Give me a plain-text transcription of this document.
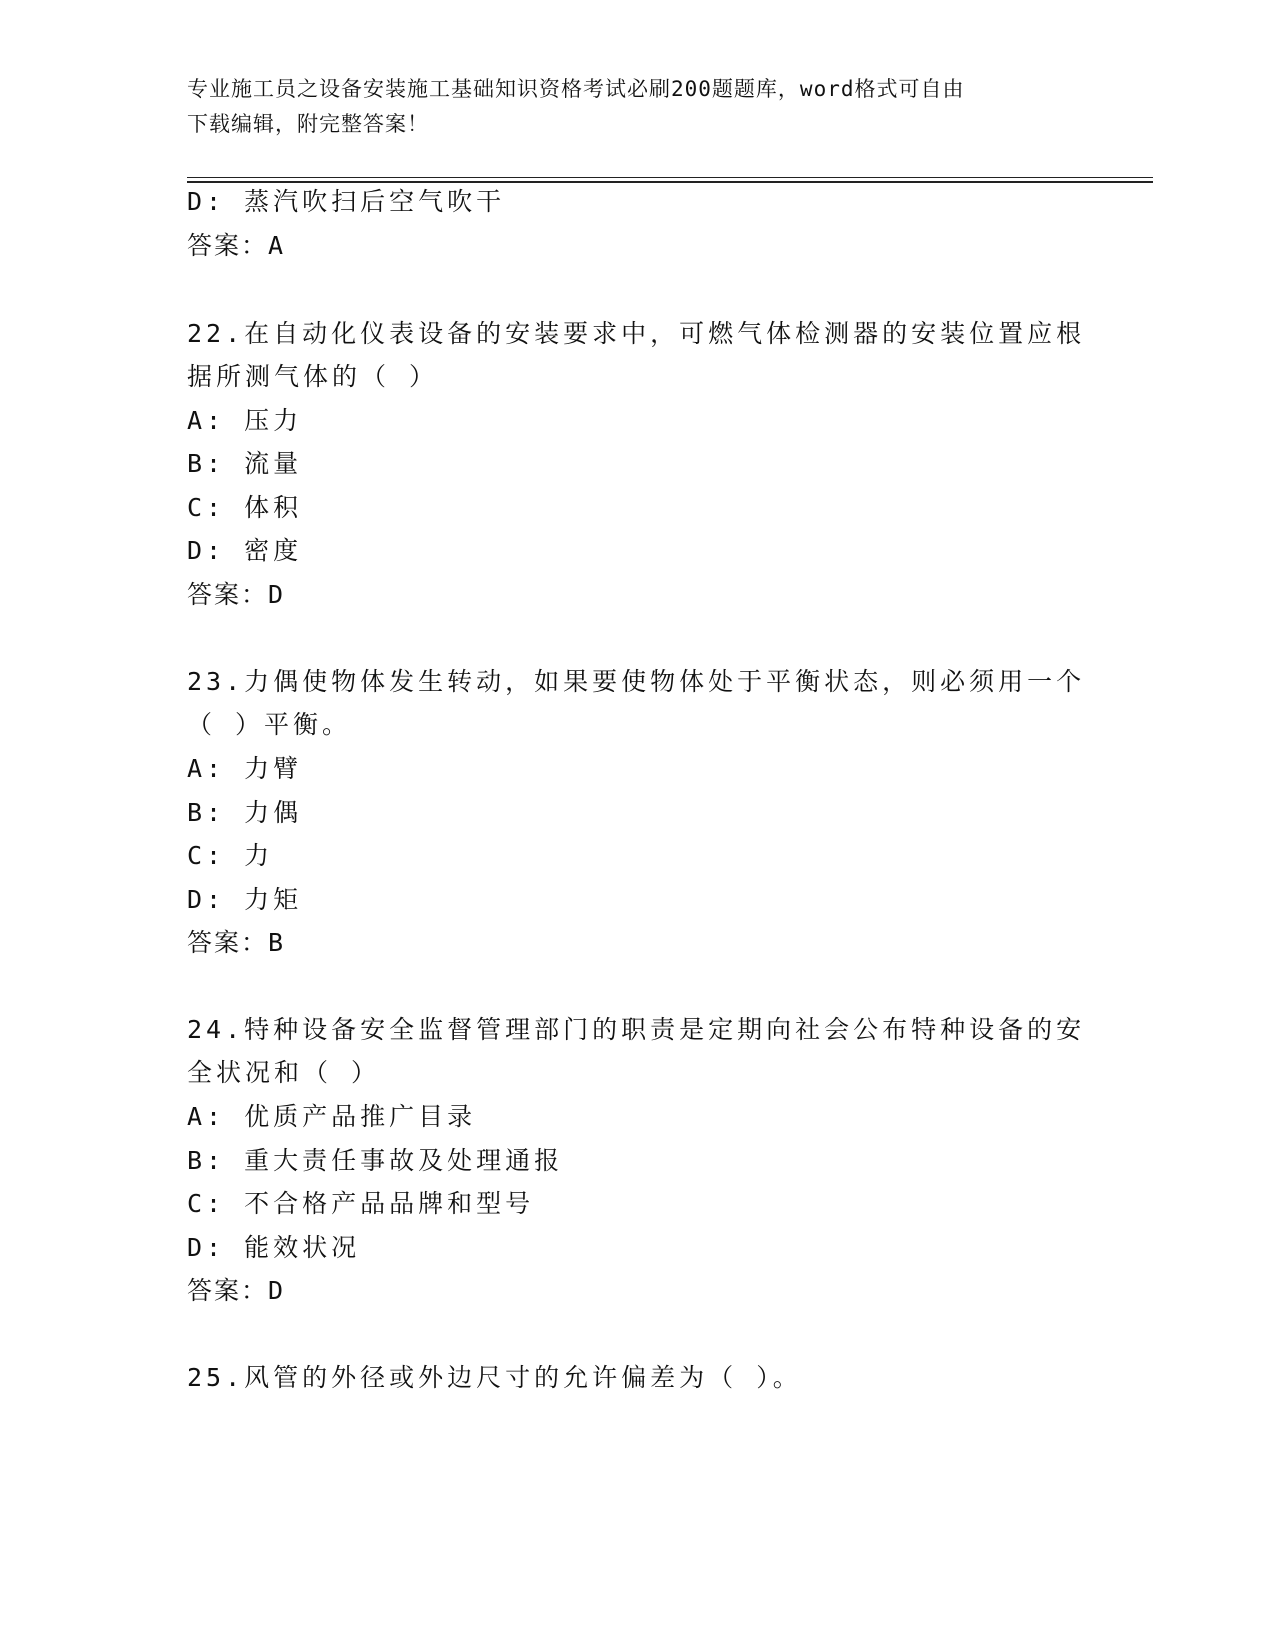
专业施工员之设备安装施工基础知识资格考试必刷200题题库，word格式可自由
下载编辑，附完整答案！
D: 蒸汽吹扫后空气吹干
答案：A
22.在自动化仪表设备的安装要求中，可燃气体检测器的安装位置应根
据所测气体的（ ）
A: 压力
B: 流量
C: 体积
D: 密度
答案：D
23.力偶使物体发生转动，如果要使物体处于平衡状态，则必须用一个
（ ）平衡。
A: 力臂
B: 力偶
C: 力
D: 力矩
答案：B
24.特种设备安全监督管理部门的职责是定期向社会公布特种设备的安
全状况和（ ）
A: 优质产品推广目录
B: 重大责任事故及处理通报
C: 不合格产品品牌和型号
D: 能效状况
答案：D
25.风管的外径或外边尺寸的允许偏差为（ ）。
